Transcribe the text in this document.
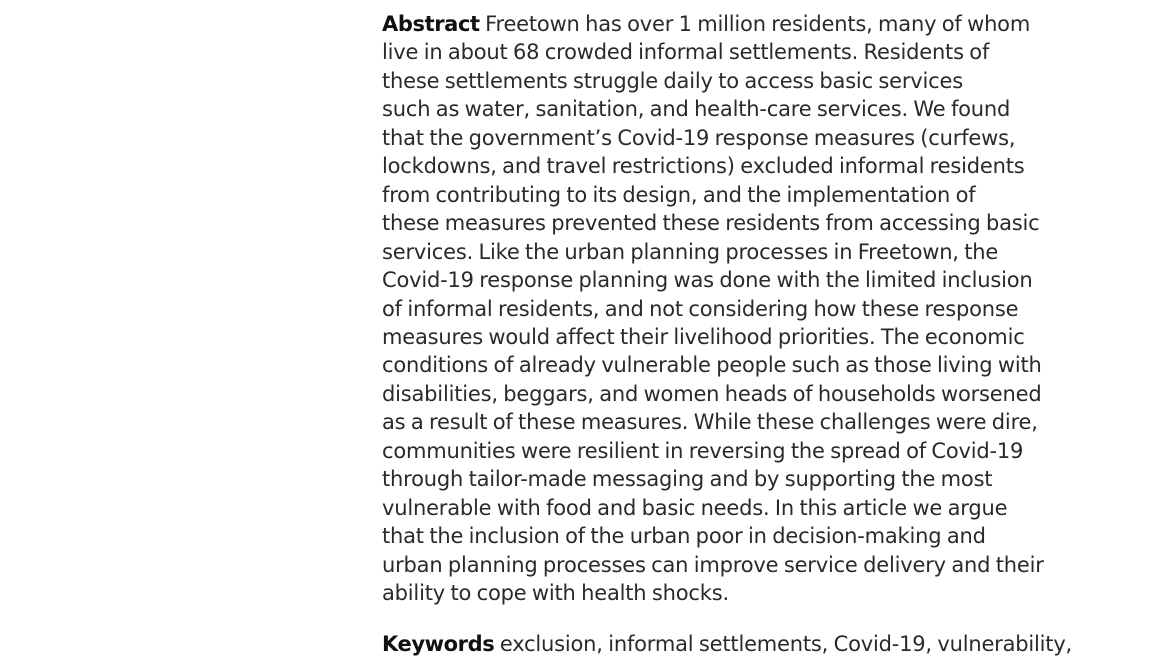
Abstract Freetown has over 1 million residents, many of whom
live in about 68 crowded informal settlements. Residents of
these settlements struggle daily to access basic services
such as water, sanitation, and health-care services. We found
that the government’s Covid-19 response measures (curfews,
lockdowns, and travel restrictions) excluded informal residents
from contributing to its design, and the implementation of
these measures prevented these residents from accessing basic
services. Like the urban planning processes in Freetown, the
Covid-19 response planning was done with the limited inclusion
of informal residents, and not considering how these response
measures would affect their livelihood priorities. The economic
conditions of already vulnerable people such as those living with
disabilities, beggars, and women heads of households worsened
as a result of these measures. While these challenges were dire,
communities were resilient in reversing the spread of Covid-19
through tailor-made messaging and by supporting the most
vulnerable with food and basic needs. In this article we argue
that the inclusion of the urban poor in decision-making and
urban planning processes can improve service delivery and their
ability to cope with health shocks.
Keywords exclusion, informal settlements, Covid-19, vulnerability,
